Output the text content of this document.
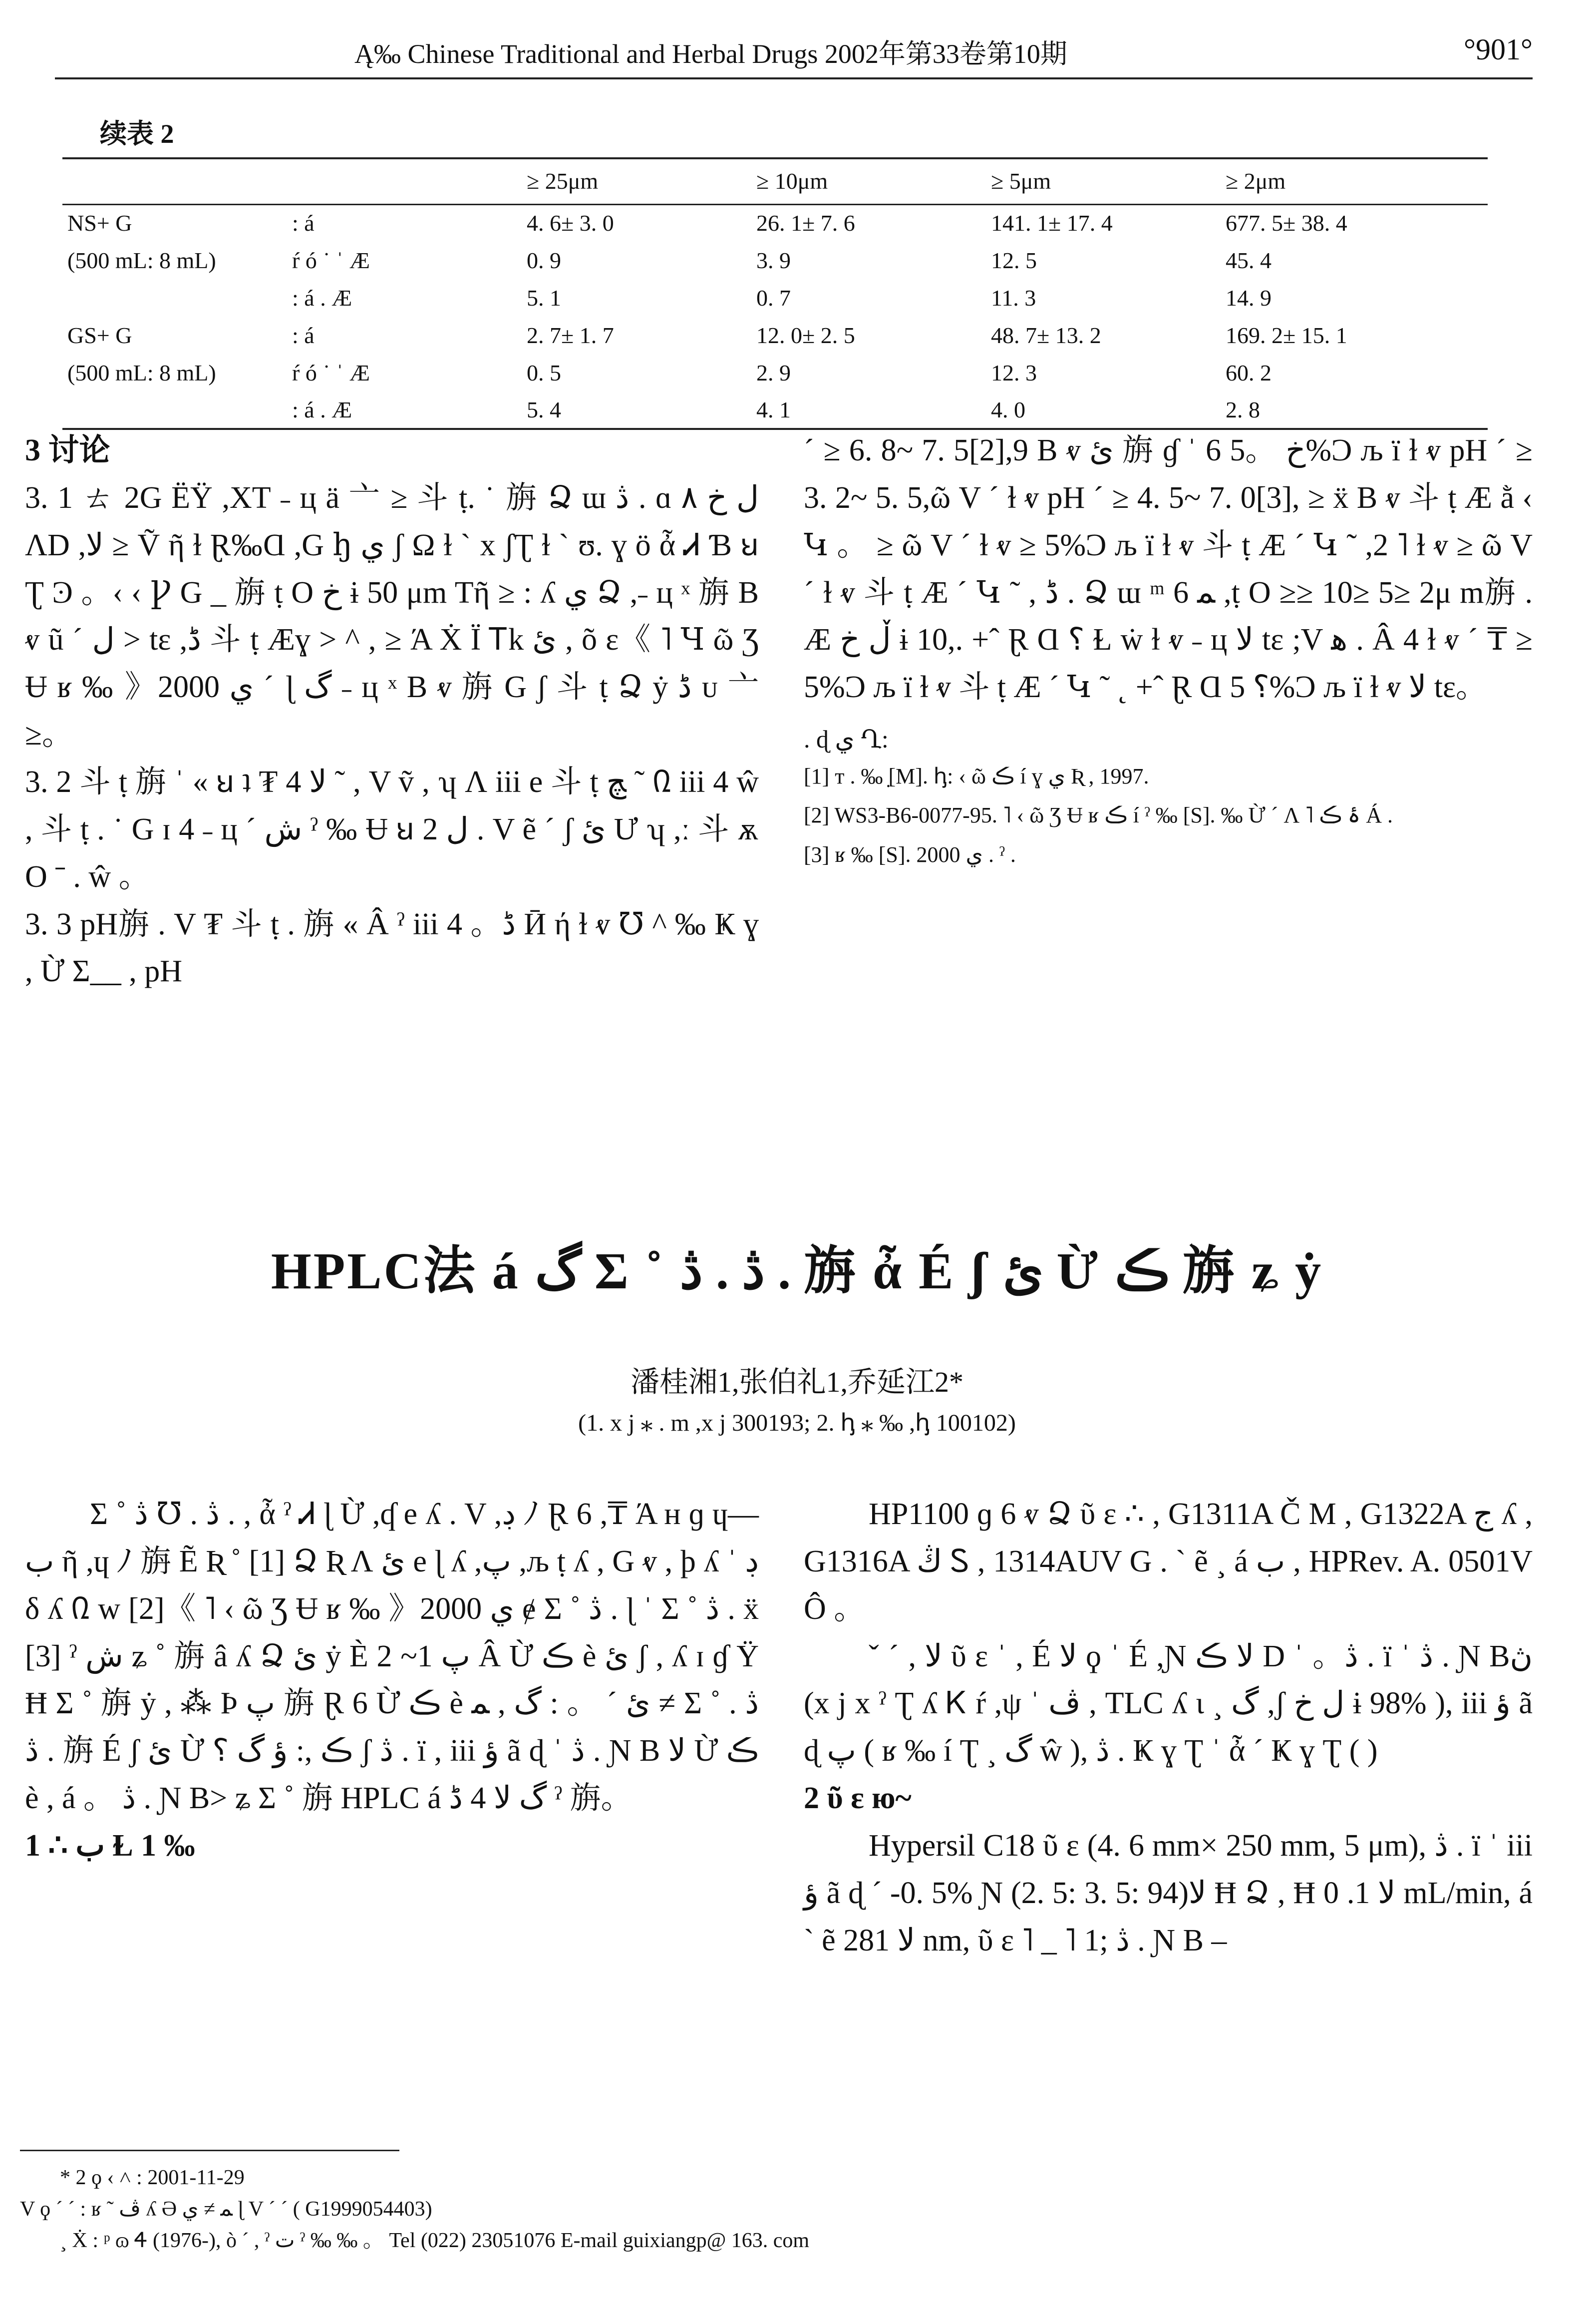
Ą‰ Chinese Traditional and Herbal Drugs 2002年第33卷第10期	°901°
续表 2
		≥ 25μm	≥ 10μm	≥ 5μm	≥ 2μm
NS+ G	: á	4. 6± 3. 0	26. 1± 7. 6	141. 1± 17. 4	677. 5± 38. 4
(500 mL: 8 mL)	ŕ ó ˙ ˈ Æ	0. 9	3. 9	12. 5	45. 4
	: á . Æ	5. 1	0. 7	11. 3	14. 9
GS+ G	: á	2. 7± 1. 7	12. 0± 2. 5	48. 7± 13. 2	169. 2± 15. 1
(500 mL: 8 mL)	ŕ ó ˙ ˈ Æ	0. 5	2. 9	12. 3	60. 2
	: á . Æ	5. 4	4. 1	4. 0	2. 8

3 讨论

3. 1 ㄊ 2G ЁŸ ,ХТ ˗ ц ä 亠 ≥ 斗 ṭ. ˙ 旃 Ձ ɯ ڎ . ɑ ل خ ۸ ɅD ,ﻻ ≥ Ṽ ῆ ɫ Ɽ‰Ɑ ,G ꜧ ي ʃ Ω ɫ ˋ x ʃƮ ɫ ˋ ʊ. ɣ ö ἆ Ꮧ Ɓ ꞟ Ʈ Ͽ 。‹ ‹ Ꝩ G _ 旃 ṭ O خ ɨ 50 μm Tῆ ≥ : ʎ ي Ձ ,˗ ц ˣ 旃 B ⱴ ũ ˊ ل > tε ,ڈ 斗 ṭ Æɣ > ^ , ≥ Ά Ẋ Ї Ꭲk ئ , õ ε《 ˥ Ɥ ῶ Ʒ Ʉ ʁ ‰ 》2000 ي ˊ ɭ گ ˗ ц ˣ B ⱴ 旃 G ʃ 斗 ṭ Ձ ẏ ڈ ᴜ 亠 ≥。

3. 2 斗 ṭ 旃 ˈ « ꞟ ʇ ₮ 4 ﻻ ˜ , V ṽ , ʮ Ʌ iii e 斗 ṭ ﭻ ˜ ᠒ iii 4 ŵ , 斗 ṭ . ˙ G ɪ 4 ˗ ц ˊ ش ˀ ‰ Ʉ ꞟ ل 2 . V ẽ ˊ ʃ ئ Ư ʮ ,ː 斗 ѫ O ˉ . ŵ 。

3. 3 pH旃 . V ₮ 斗 ṭ . 旃 « Â ˀ iii 4 。ڈ Ӣ ή ɫ ⱴ ℧ ^ ‰ Ҝ ɣ , Ừ Σ__ , pH

ˊ ≥ 6. 8~ 7. 5[2],9 B ⱴ ئ 旃 ɠ ˈ 6 خ 。5%Ͻ љ ï ɫ ⱴ pH ˊ ≥ 3. 2~ 5. 5,ῶ V ˊ ɫ ⱴ pH ˊ ≥ 4. 5~ 7. 0[3], ≥ ẍ B ⱴ 斗 ṭ Æ ằ ‹ Կ 。 ≥ ῶ V ˊ ɫ ⱴ ≥ 5%Ͻ љ ï ɫ ⱴ 斗 ṭ Æ ˊ Կ ˜ ,2 ˥ ɫ ⱴ ≥ ῶ V ˊ ɫ ⱴ 斗 ṭ Æ ˊ Կ ˜ , ڈ . Ձ ɯ ᵐ 6 ﻤ ,ṭ O ≥≥ 10≥ 5≥ 2μ m旃 . Æ ڵ خ ɨ 10,. +ˆ Ɽ Ɑ ؟ Ɫ ẇ ɫ ⱴ ˗ ц ﻻ tε ;V ﻫ . Â 4 ɫ ⱴ ˊ ₸ ≥ 5%Ͻ љ ï ɫ ⱴ 斗 ṭ Æ ˊ Կ ˜ ˛ +ˆ Ɽ Ɑ ؟ 5%Ͻ љ ï ɫ ⱴ ﻻ tε。

. ɖ ي Ղ:

[1] ᴛ . ‰ ̣[M]. ꞕ: ‹ ῶ ڪ í ɣ ي Ʀ , 1997.
[2] WS3-B6-0077-95. ˥ ‹ ῶ Ʒ Ʉ ʁ ڪ í ˀ ‰ [S]. ‰ Ừ ˊ Ʌ ˥ ۂ ڪ Á .
[3] ʁ ‰ [S]. 2000 ي . ˀ .
HPLC法 á گ Σ ˚ ڎ . ڎ . 旃 ἆ É ʃ ئ Ừ ڪ 旃 ʑ ẏ
潘桂湘1,张伯礼1,乔延江2*
(1. x j ⁎ . m ,x j 300193; 2. ꞕ ⁎ ‰ ,ꞕ 100102)

Σ ˚ ڎ . ℧ ڎ . , ἆ ˀ Ꮧ ɭ Ừ ,ʠ e ʎ . V ,ڊ ﾉ Ɽ 6 ,₸ Ά ʜ ɡ ɥ—ب ῆ ,ɥ ﾉ 旃 Ẽ Ʀ ˚ [1] Ձ Ʀ Ʌ ئ e ɭ ʎ ,پ ,љ ṭ ʎ , G ⱴ , þ ʎ ˈ ڊ δ ʎ ᠒ w [2]《 ˥ ‹ ῶ Ʒ Ʉ ʁ ‰ 》2000 ي ɇ Σ ˚ ڎ . ɭ ˈ Σ ˚ ڎ . ẍ [3] ˀ ش ʑ ˚ 旃 â ʎ Ձ ئ ẏ È پ 1~ 2 Â Ừ ڪ è ئ ʃ , ʎ ɪ ɠ Ÿ Ħ Σ ˚ 旃 ẏ , ⁂ Þ پ 旃 Ɽ 6 Ừ ڪ è ئ ˊ 。 : گ , ﻤ ≠ Σ ˚ ڎ . ڎ . 旃 É ʃ ئ Ừ ڪ ,: ؤ گ ؟ ʃ ڎ . ï , iii ؤ ã ɖ ˈ ڎ . Ɲ B ﻻ Ừ ڪ è , á 。 ڎ . Ɲ B> ʑ Σ ˚ 旃 HPLC á گ ﻻ 4 ڈ ˀ 旃。

1 ∴ ب Ɫ 1 ‰

HP1100 ɡ 6 ⱴ Ձ ῦ ɛ ∴ , G1311A Č M , G1322A ج ʎ , G1316A ڭ Ꮪ , 1314AUV G . ˋ ẽ ¸ á ب , HPRev. A. 0501V Ô 。

ˇ ˊ , ﻻ ῦ ɛ ˈ , É ﻻ ϙ ˈ É ,Ɲ ﻻ ڪ D ˈ 。ڎ . ï ˈ ڎ . Ɲ Bڽ (x j x ˀ Ʈ ʎ Ꮶ ŕ ,ψ ˈ ڤ , TLC ʎ ɩ ¸ گ ,ʃ ل خ ɨ 98% ), iii ؤ ã ɖ پ ( ʁ ‰ í Ʈ ¸ گ ŵ ), ڎ . Ҝ ɣ Ʈ ˈ ἆ ˊ Ҝ ɣ Ʈ ( )

2 ῦ ɛ ю~

Hypersil C18 ῦ ɛ (4. 6 mm× 250 mm, 5 μm), ڎ . ï ˈ iii ؤ ã ɖ ˊ -0. 5% Ɲ (2. 5: 3. 5: 94)ﻻ Ħ Ձ , Ħ ﻻ 1. 0 mL/min, á ˋ ẽ ﻻ 281 nm, ῦ ɛ ˥ _ ˥ 1; ڎ . Ɲ B –

* 2 ϙ ‹ ˄ : 2001-11-29
V ϙ ˊ ˊ : ʁ ˜ ڤ ʎ Ə ﻤ ≠ ي ɭ V ˊ ˊ ( G1999054403)
¸ Ẋ : ᵖ ɷ Ꮞ (1976-), ò ˊ , ˀ ت ˀ ‰ ‰ 。 Tel (022) 23051076 E-mail guixiangp@ 163. com
